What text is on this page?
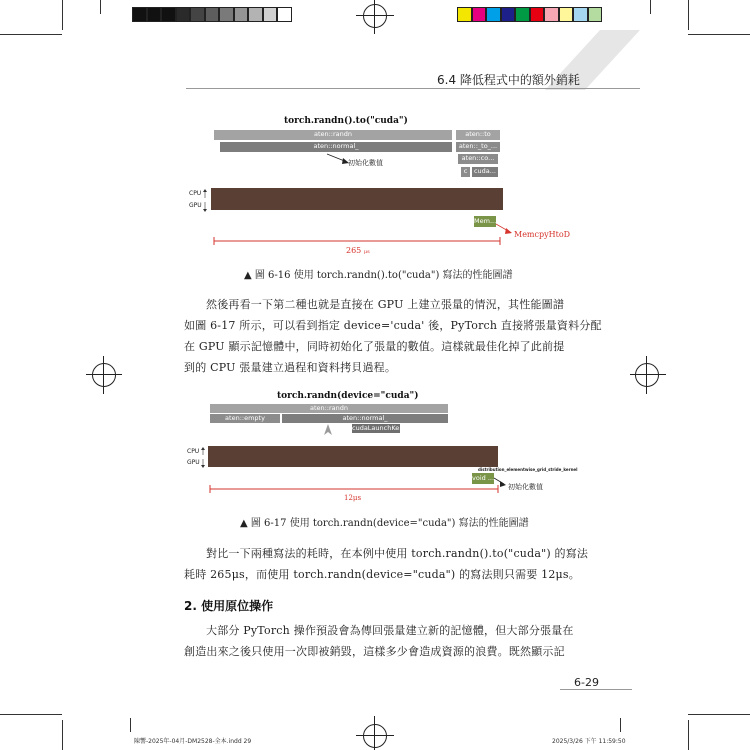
6.4 降低程式中的額外銷耗
torch.randn().to("cuda")
aten::randn
aten::normal_
aten::to
aten::_to_...
aten::co...
c	cuda...
初始化數值
CPU
GPU
Mem...
MemcpyHtoD
265 μs
▲ 圖 6-16 使用 torch.randn().to("cuda") 寫法的性能圖譜
然後再看一下第二種也就是直接在 GPU 上建立張量的情況，其性能圖譜
如圖 6-17 所示，可以看到指定 device='cuda' 後，PyTorch 直接將張量資料分配
在 GPU 顯示記憶體中，同時初始化了張量的數值。這樣就最佳化掉了此前提
到的 CPU 張量建立過程和資料拷貝過程。
torch.randn(device="cuda")
aten::randn
aten::empty	aten::normal_
cudaLaunchKe...
CPU
GPU
distribution_elementwise_grid_stride_kernel
void ...
初始化數值
12μs
▲ 圖 6-17 使用 torch.randn(device="cuda") 寫法的性能圖譜
對比一下兩種寫法的耗時，在本例中使用 torch.randn().to("cuda") 的寫法
耗時 265μs，而使用 torch.randn(device="cuda") 的寫法則只需要 12μs。
2. 使用原位操作
大部分 PyTorch 操作預設會為傳回張量建立新的記憶體，但大部分張量在
創造出來之後只使用一次即被銷毀，這樣多少會造成資源的浪費。既然顯示記
6-29
陳響-2025年-04月-DM2528-全本.indd 29	2025/3/26 下午 11:59:50
